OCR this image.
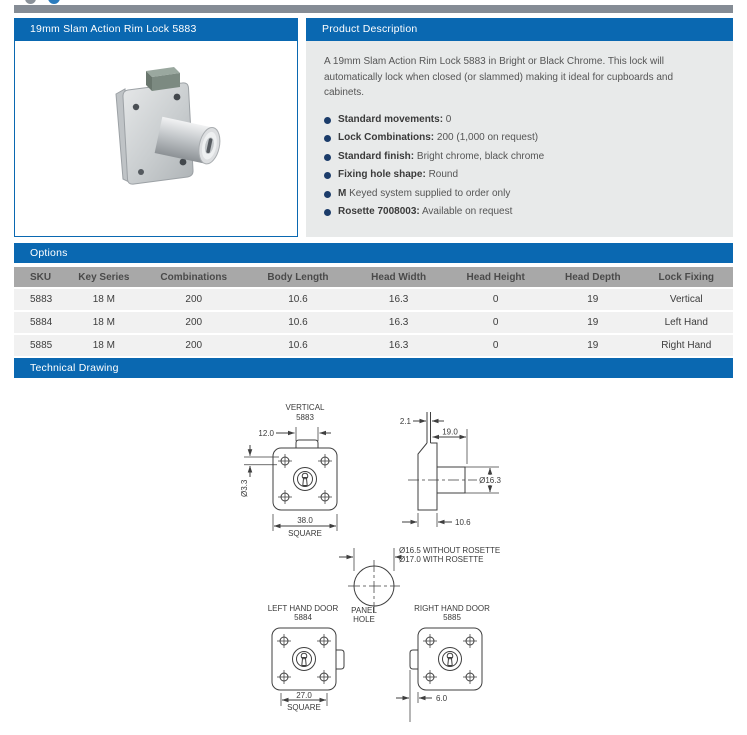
19mm Slam Action Rim Lock 5883	Product Description

A 19mm Slam Action Rim Lock 5883 in Bright or Black Chrome. This lock will automatically lock when closed (or slammed) making it ideal for cupboards and cabinets.

Standard movements: 0
Lock Combinations: 200 (1,000 on request)
Standard finish: Bright chrome, black chrome
Fixing hole shape: Round
M Keyed system supplied to order only
Rosette 7008003: Available on request
Options
SKU	Key Series	Combinations	Body Length	Head Width	Head Height	Head Depth	Lock Fixing
5883	18 M	200	10.6	16.3	0	19	Vertical
5884	18 M	200	10.6	16.3	0	19	Left Hand
5885	18 M	200	10.6	16.3	0	19	Right Hand
Technical Drawing
VERTICAL
5883
12.0
Ø3.3
38.0
SQUARE
2.1
19.0
Ø16.3
10.6
Ø16.5 WITHOUT ROSETTE
Ø17.0 WITH ROSETTE
PANEL
HOLE
LEFT HAND DOOR
5884
27.0
SQUARE
RIGHT HAND DOOR
5885
6.0
